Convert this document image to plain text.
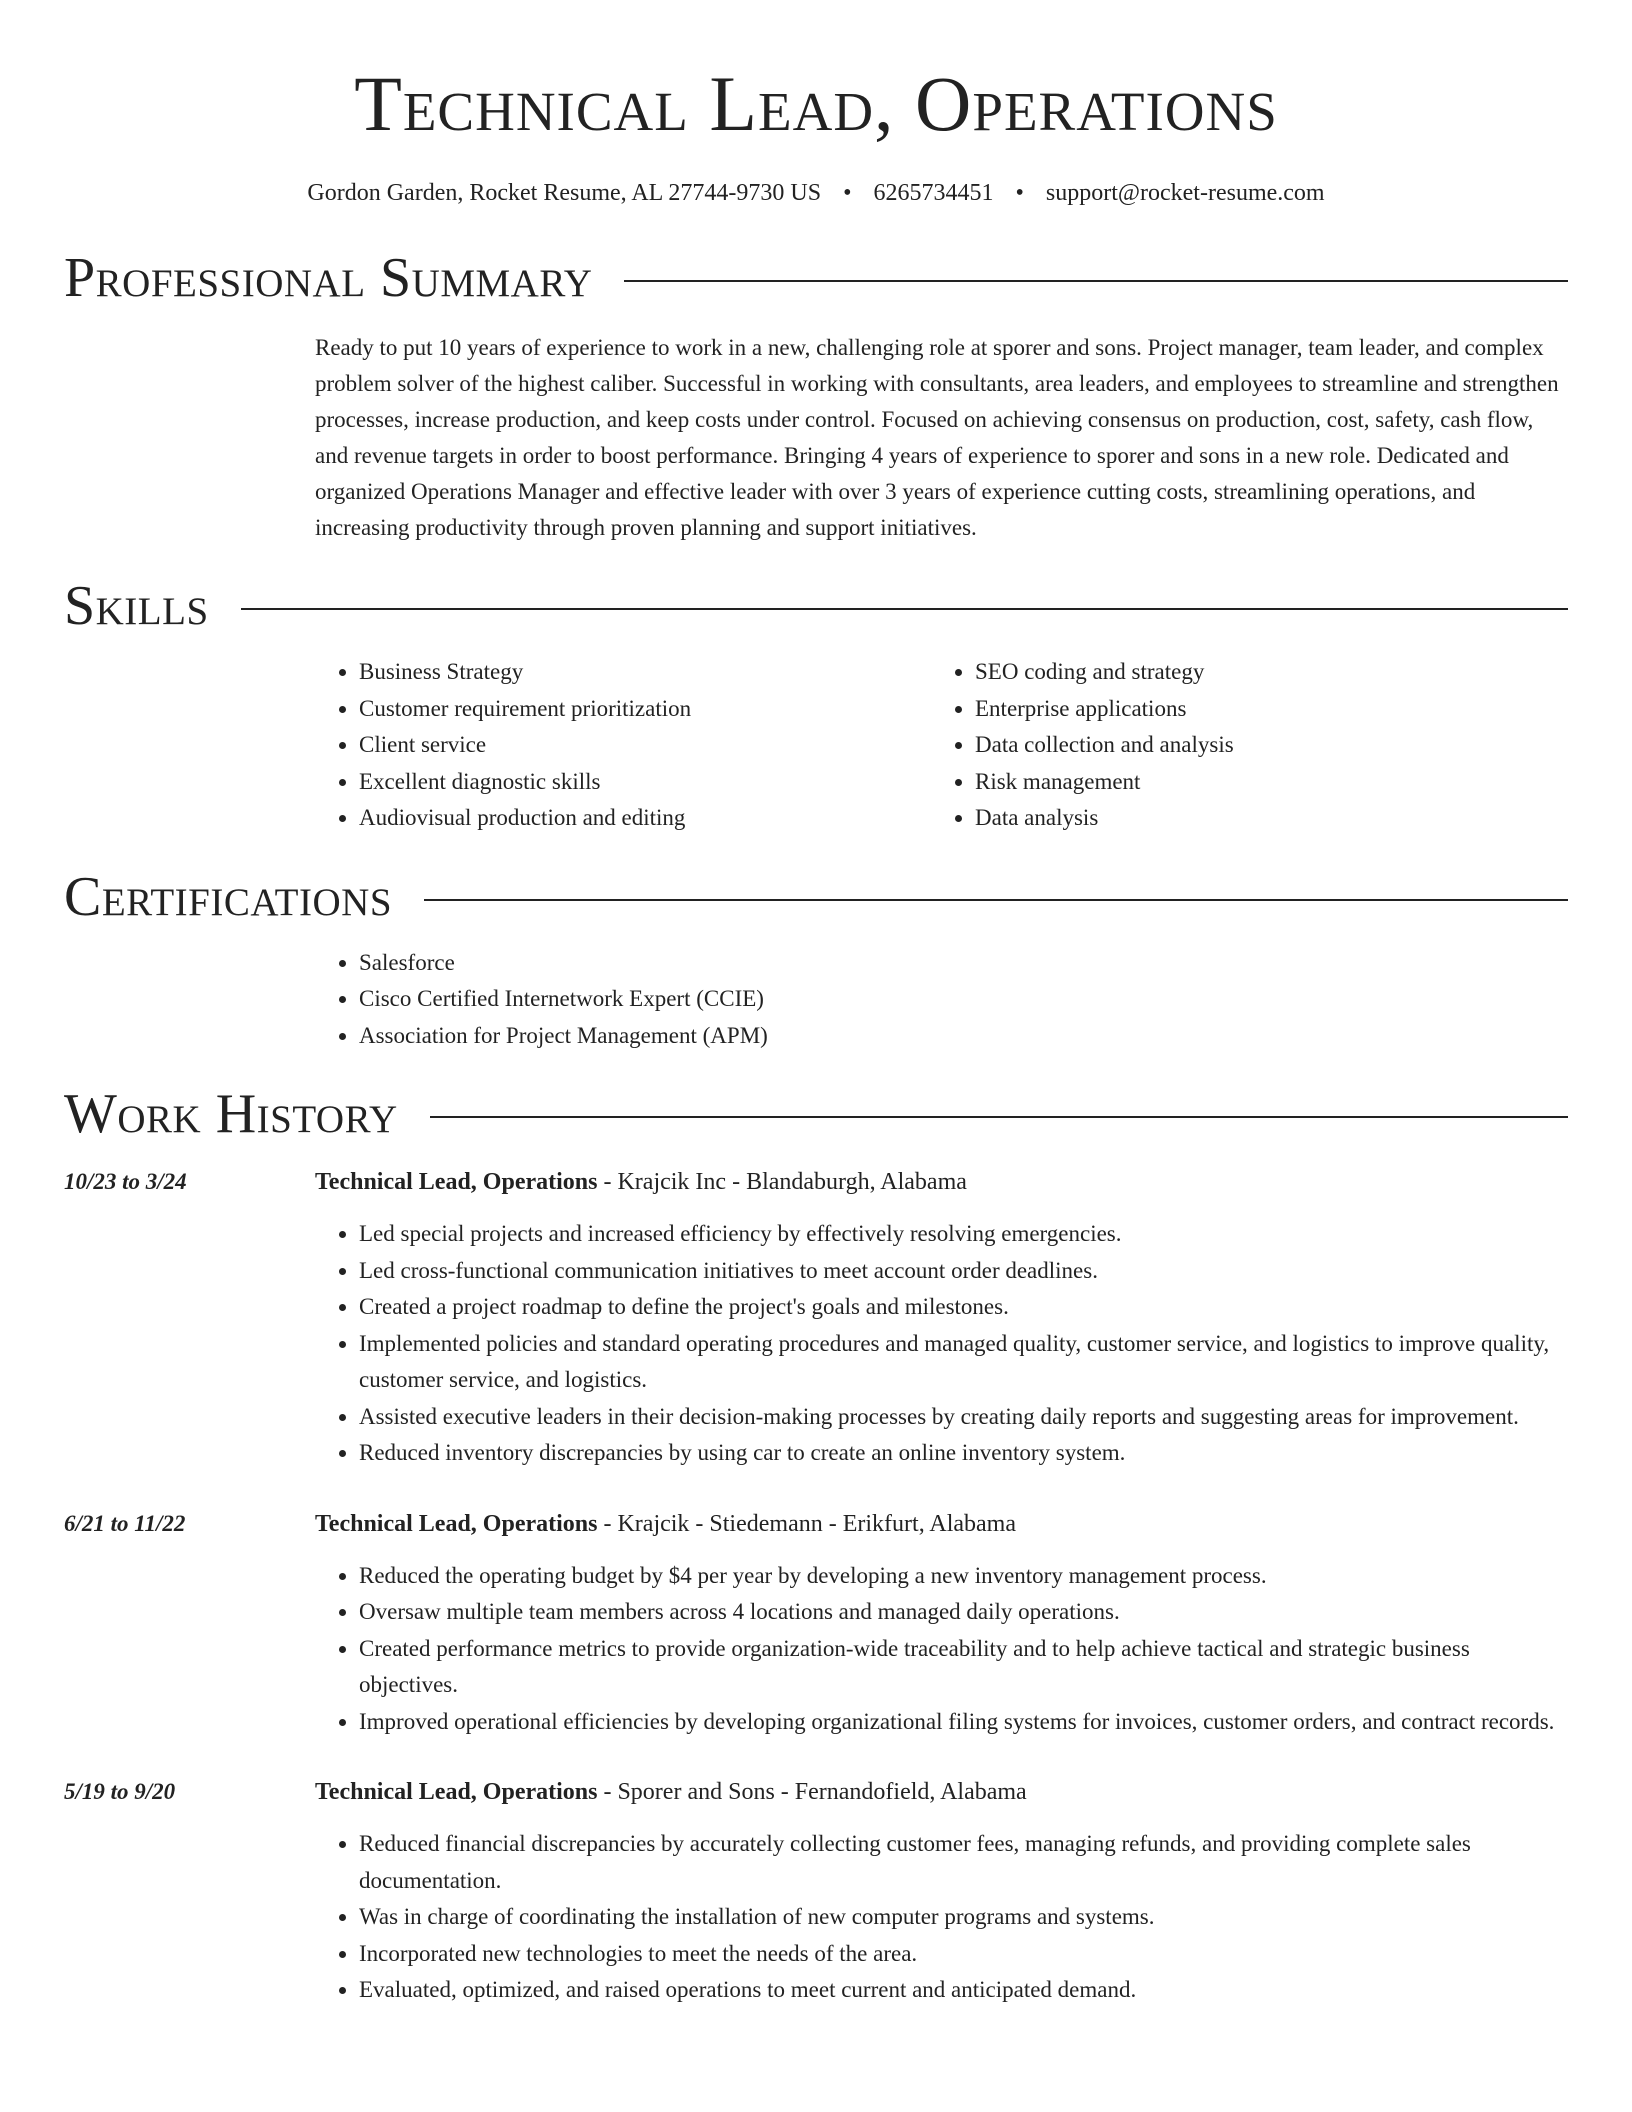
Technical Lead, Operations
Gordon Garden, Rocket Resume, AL 27744-9730 US • 6265734451 • support@rocket-resume.com
Professional Summary

Ready to put 10 years of experience to work in a new, challenging role at sporer and sons. Project manager, team leader, and complex problem solver of the highest caliber. Successful in working with consultants, area leaders, and employees to streamline and strengthen processes, increase production, and keep costs under control. Focused on achieving consensus on production, cost, safety, cash flow, and revenue targets in order to boost performance. Bringing 4 years of experience to sporer and sons in a new role. Dedicated and organized Operations Manager and effective leader with over 3 years of experience cutting costs, streamlining operations, and increasing productivity through proven planning and support initiatives.

Skills
• Business Strategy
• Customer requirement prioritization
• Client service
• Excellent diagnostic skills
• Audiovisual production and editing
• SEO coding and strategy
• Enterprise applications
• Data collection and analysis
• Risk management
• Data analysis
Certifications
• Salesforce
• Cisco Certified Internetwork Expert (CCIE)
• Association for Project Management (APM)
Work History
10/23 to 3/24	Technical Lead, Operations - Krajcik Inc - Blandaburgh, Alabama
• Led special projects and increased efficiency by effectively resolving emergencies.
• Led cross-functional communication initiatives to meet account order deadlines.
• Created a project roadmap to define the project's goals and milestones.
• Implemented policies and standard operating procedures and managed quality, customer service, and logistics to improve quality, customer service, and logistics.
• Assisted executive leaders in their decision-making processes by creating daily reports and suggesting areas for improvement.
• Reduced inventory discrepancies by using car to create an online inventory system.
6/21 to 11/22	Technical Lead, Operations - Krajcik - Stiedemann - Erikfurt, Alabama
• Reduced the operating budget by $4 per year by developing a new inventory management process.
• Oversaw multiple team members across 4 locations and managed daily operations.
• Created performance metrics to provide organization-wide traceability and to help achieve tactical and strategic business objectives.
• Improved operational efficiencies by developing organizational filing systems for invoices, customer orders, and contract records.
5/19 to 9/20	Technical Lead, Operations - Sporer and Sons - Fernandofield, Alabama
• Reduced financial discrepancies by accurately collecting customer fees, managing refunds, and providing complete sales documentation.
• Was in charge of coordinating the installation of new computer programs and systems.
• Incorporated new technologies to meet the needs of the area.
• Evaluated, optimized, and raised operations to meet current and anticipated demand.
